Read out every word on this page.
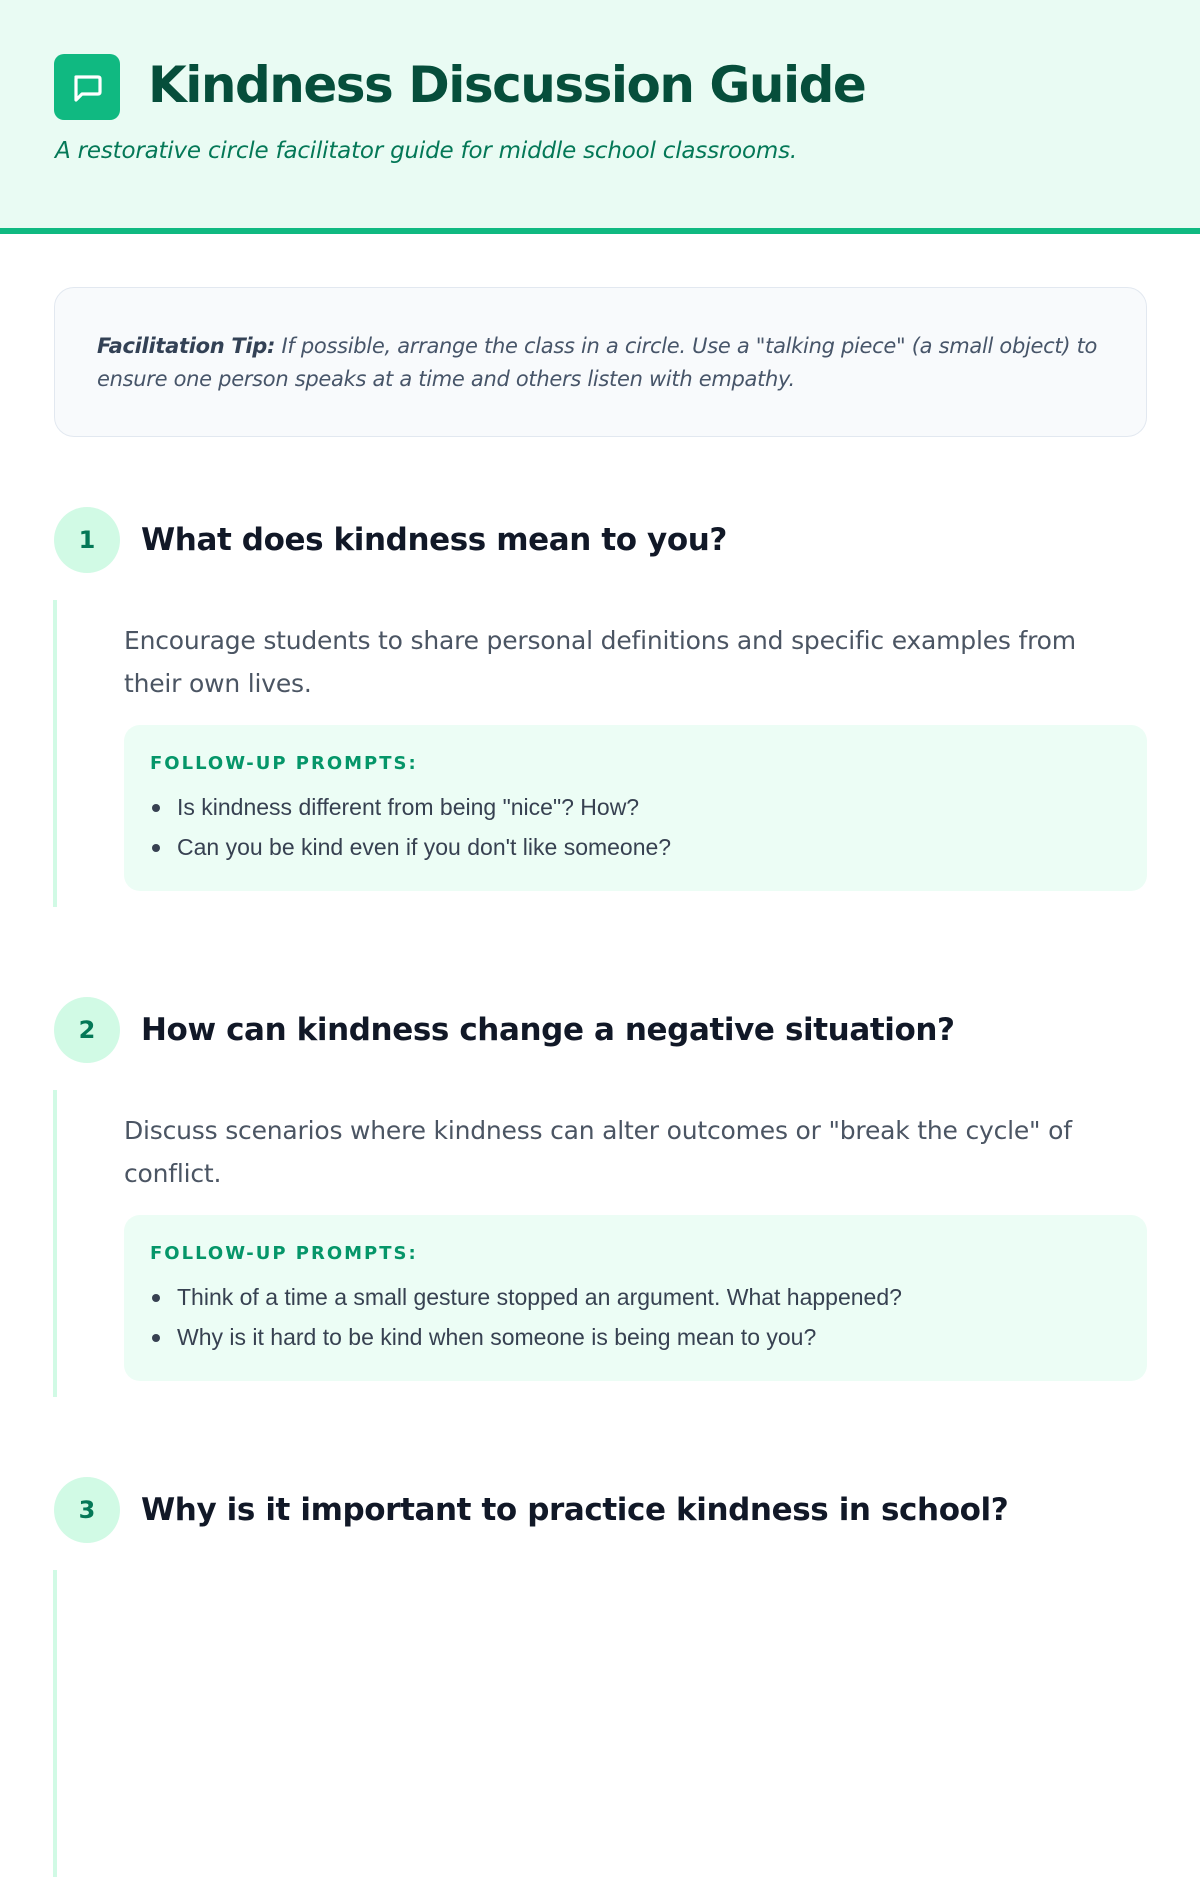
Kindness Discussion Guide

A restorative circle facilitator guide for middle school classrooms.

Facilitation Tip: If possible, arrange the class in a circle. Use a "talking piece" (a small object) to ensure one person speaks at a time and others listen with empathy.
1	What does kindness mean to you?

Encourage students to share personal definitions and specific examples from their own lives.

FOLLOW-UP PROMPTS:
Is kindness different from being "nice"? How?
Can you be kind even if you don't like someone?
2	How can kindness change a negative situation?

Discuss scenarios where kindness can alter outcomes or "break the cycle" of conflict.

FOLLOW-UP PROMPTS:
Think of a time a small gesture stopped an argument. What happened?
Why is it hard to be kind when someone is being mean to you?
3	Why is it important to practice kindness in school?
